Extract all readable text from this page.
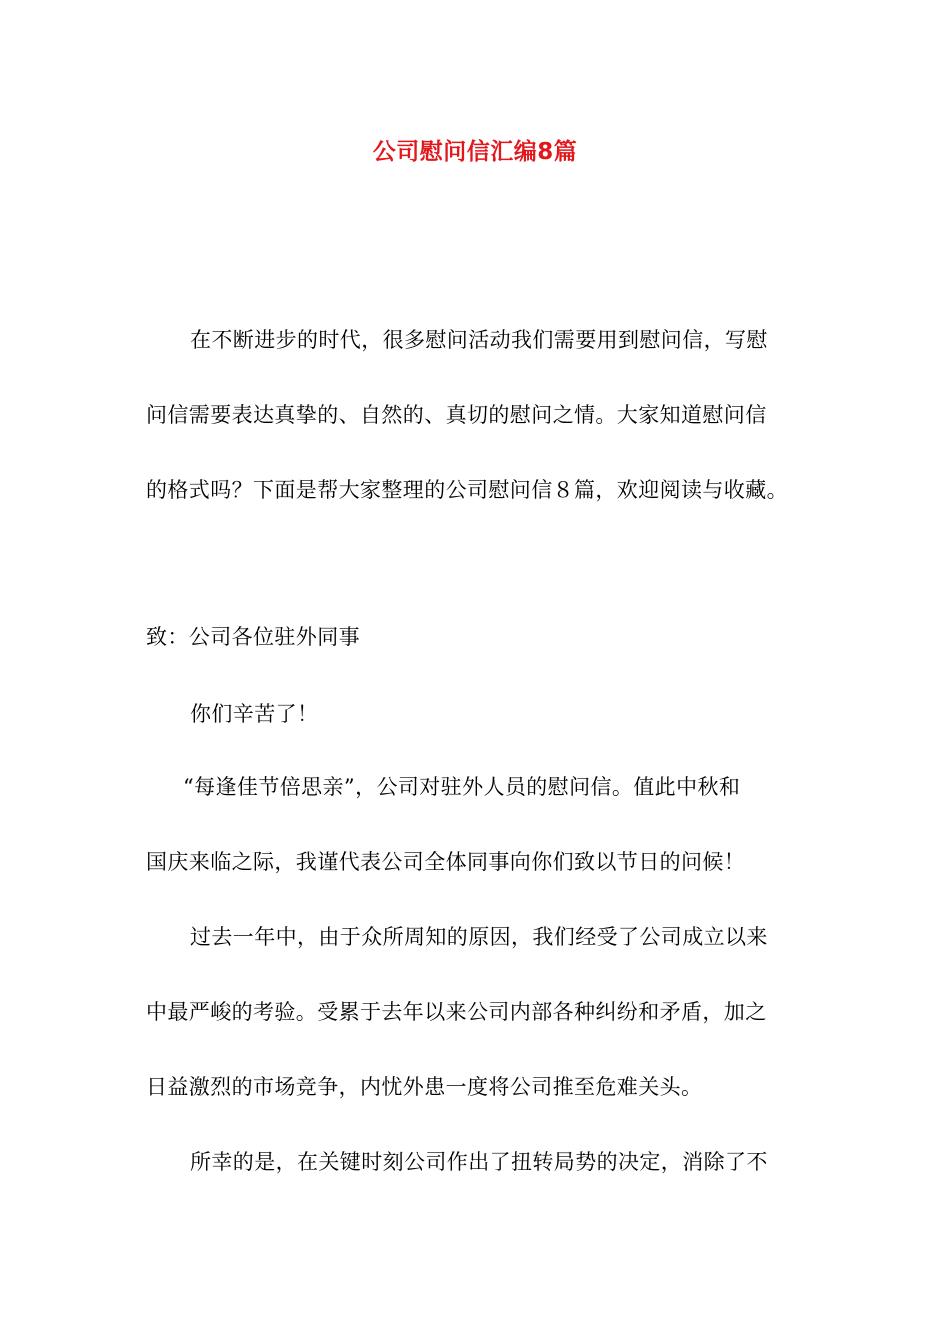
公司慰问信汇编8篇

在不断进步的时代，很多慰问活动我们需要用到慰问信，写慰

问信需要表达真挚的、自然的、真切的慰问之情。大家知道慰问信

的格式吗？下面是帮大家整理的公司慰问信８篇，欢迎阅读与收藏。

致：公司各位驻外同事

你们辛苦了！

“每逢佳节倍思亲”，公司对驻外人员的慰问信。值此中秋和

国庆来临之际，我谨代表公司全体同事向你们致以节日的问候！

过去一年中，由于众所周知的原因，我们经受了公司成立以来

中最严峻的考验。受累于去年以来公司内部各种纠纷和矛盾，加之

日益激烈的市场竞争，内忧外患一度将公司推至危难关头。

所幸的是，在关键时刻公司作出了扭转局势的决定，消除了不
